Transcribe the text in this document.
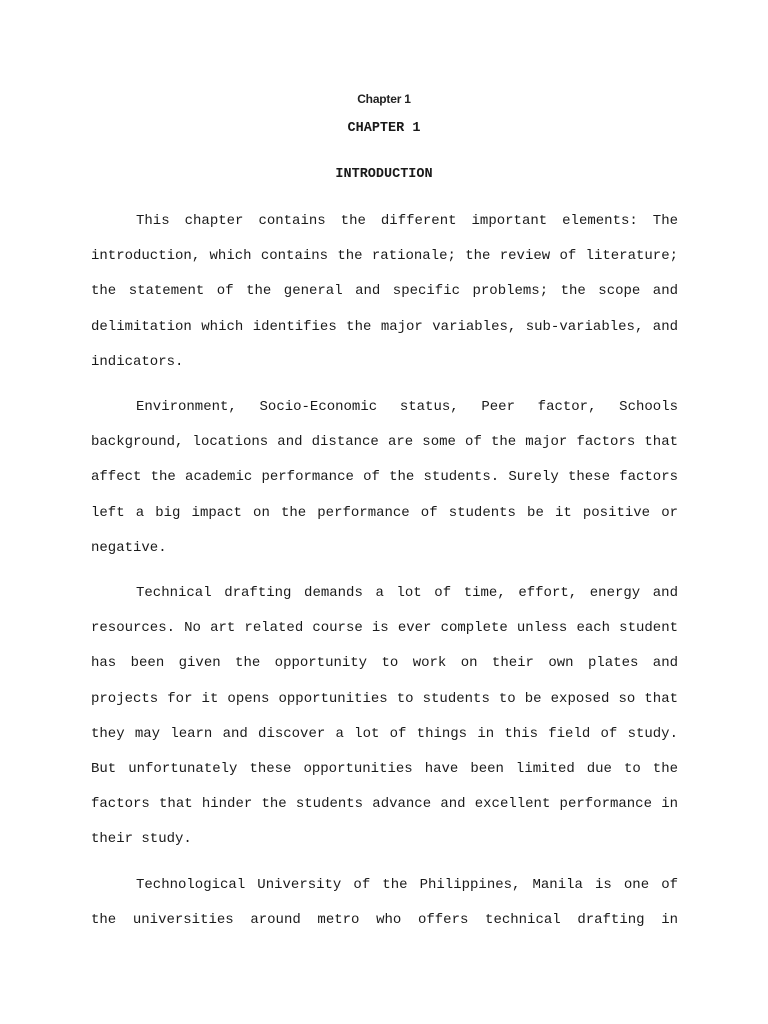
Chapter 1
CHAPTER 1
INTRODUCTION

This chapter contains the different important elements: The introduction, which contains the rationale; the review of literature; the statement of the general and specific problems; the scope and delimitation which identifies the major variables, sub-variables, and indicators.

Environment, Socio-Economic status, Peer factor, Schools background, locations and distance are some of the major factors that affect the academic performance of the students. Surely these factors left a big impact on the performance of students be it positive or negative.

Technical drafting demands a lot of time, effort, energy and resources. No art related course is ever complete unless each student has been given the opportunity to work on their own plates and projects for it opens opportunities to students to be exposed so that they may learn and discover a lot of things in this field of study. But unfortunately these opportunities have been limited due to the factors that hinder the students advance and excellent performance in their study.

Technological University of the Philippines, Manila is one of the universities around metro who offers technical drafting in
